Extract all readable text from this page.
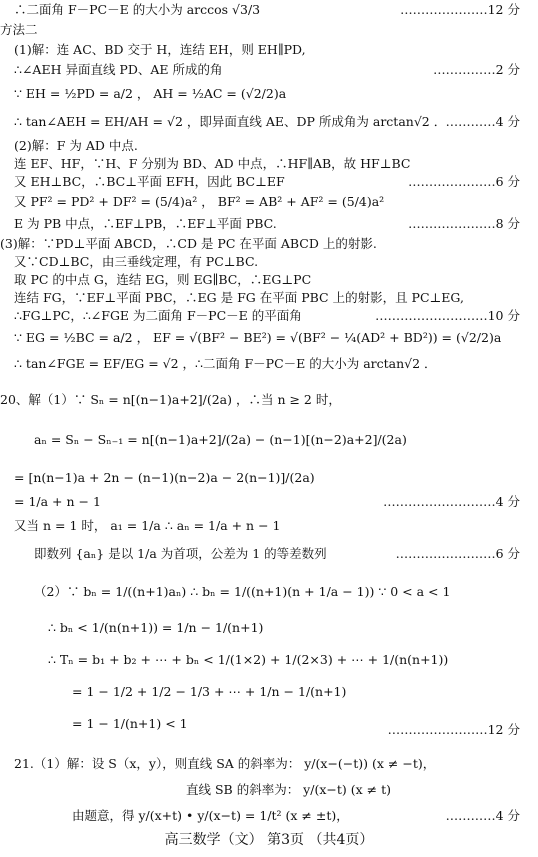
∴二面角 F－PC－E 的大小为 arccos √3/3	…………………12 分
方法二
(1)解：连 AC、BD 交于 H，连结 EH，则 EH∥PD,
∴∠AEH 异面直线 PD、AE 所成的角	……………2 分
∵ EH = ½PD = a/2 ， AH = ½AC = (√2/2)a
∴ tan∠AEH = EH/AH = √2 ，即异面直线 AE、DP 所成角为 arctan√2 ． …………4 分
(2)解：F 为 AD 中点.
连 EF、HF，∵H、F 分别为 BD、AD 中点，∴HF∥AB，故 HF⊥BC
又 EH⊥BC，∴BC⊥平面 EFH，因此 BC⊥EF	…………………6 分
又 PF² = PD² + DF² = (5/4)a² ， BF² = AB² + AF² = (5/4)a²
E 为 PB 中点，∴EF⊥PB，∴EF⊥平面 PBC.	…………………8 分
(3)解：∵PD⊥平面 ABCD，∴CD 是 PC 在平面 ABCD 上的射影.
又∵CD⊥BC，由三垂线定理，有 PC⊥BC.
取 PC 的中点 G，连结 EG，则 EG∥BC，∴EG⊥PC
连结 FG，∵EF⊥平面 PBC，∴EG 是 FG 在平面 PBC 上的射影，且 PC⊥EG,
∴FG⊥PC，∴∠FGE 为二面角 F－PC－E 的平面角	………………………10 分
∵ EG = ½BC = a/2 ， EF = √(BF² − BE²) = √(BF² − ¼(AD² + BD²)) = (√2/2)a
∴ tan∠FGE = EF/EG = √2 ，∴二面角 F－PC－E 的大小为 arctan√2 ．
20、解（1）∵ Sₙ = n[(n−1)a+2]/(2a) ，∴当 n ≥ 2 时，
aₙ = Sₙ − Sₙ₋₁ = n[(n−1)a+2]/(2a) − (n−1)[(n−2)a+2]/(2a)
= [n(n−1)a + 2n − (n−1)(n−2)a − 2(n−1)]/(2a)
= 1/a + n − 1	………………………4 分
又当 n = 1 时， a₁ = 1/a ∴ aₙ = 1/a + n − 1
即数列 {aₙ} 是以 1/a 为首项，公差为 1 的等差数列	……………………6 分
（2）∵ bₙ = 1/((n+1)aₙ) ∴ bₙ = 1/((n+1)(n + 1/a − 1)) ∵ 0 < a < 1
∴ bₙ < 1/(n(n+1)) = 1/n − 1/(n+1)
∴ Tₙ = b₁ + b₂ + ⋯ + bₙ < 1/(1×2) + 1/(2×3) + ⋯ + 1/(n(n+1))
= 1 − 1/2 + 1/2 − 1/3 + ⋯ + 1/n − 1/(n+1)
= 1 − 1/(n+1) < 1	……………………12 分
21.（1）解：设 S（x，y），则直线 SA 的斜率为： y/(x−(−t)) (x ≠ −t)，
直线 SB 的斜率为： y/(x−t) (x ≠ t)
由题意，得 y/(x+t) • y/(x−t) = 1/t² (x ≠ ±t)，	…………4 分
高三数学（文） 第3页 （共4页）
